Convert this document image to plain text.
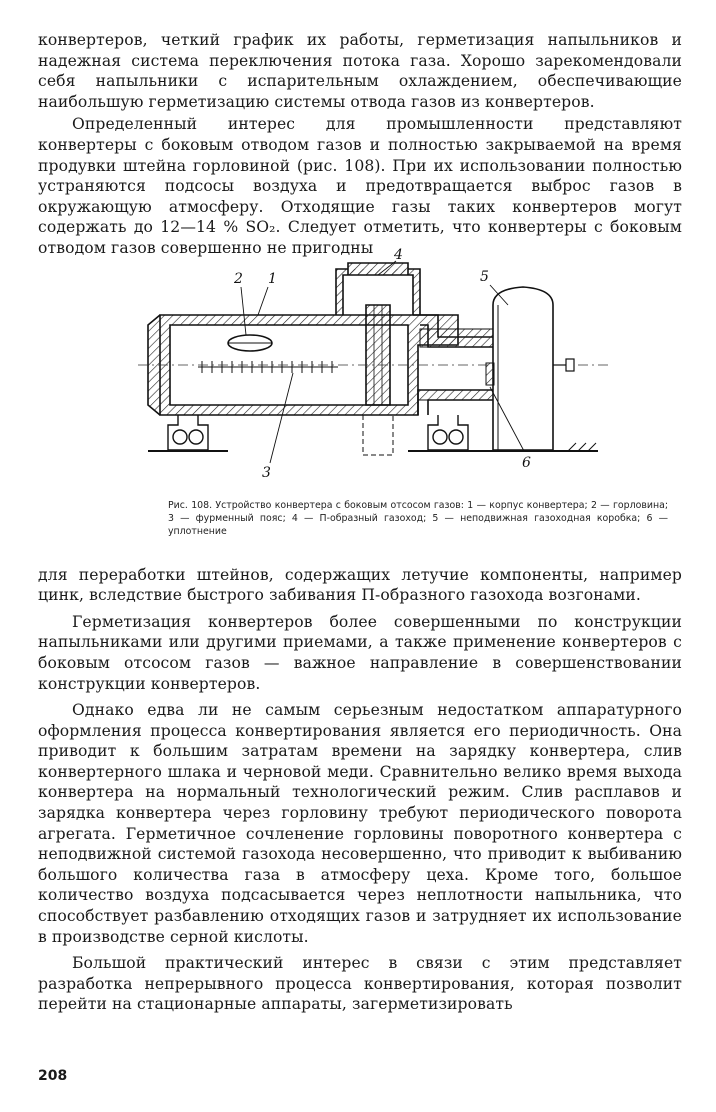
конвертеров, четкий график их работы, герметизация напыльников и надежная система переключения потока газа. Хорошо зарекомендовали себя напыльники с испарительным охлаждением, обеспечивающие наибольшую герметизацию системы отвода газов из конвертеров.

Определенный интерес для промышленности представляют конвертеры с боковым отводом газов и полностью закрываемой на время продувки штейна горловиной (рис. 108). При их использовании полностью устраняются подсосы воздуха и предотвращается выброс газов в окружающую атмосферу. Отходящие газы таких конвертеров могут содержать до 12—14 % SO₂. Следует отметить, что конвертеры с боковым отводом газов совершенно не пригодны

2 1
4
5
3
6
Рис. 108. Устройство конвертера с боковым отсосом газов: 1 — корпус конвертера; 2 — горловина; 3 — фурменный пояс; 4 — П-образный газоход; 5 — неподвижная газоходная коробка; 6 — уплотнение

для переработки штейнов, содержащих летучие компоненты, например цинк, вследствие быстрого забивания П-образного газохода возгонами.

Герметизация конвертеров более совершенными по конструкции напыльниками или другими приемами, а также применение конвертеров с боковым отсосом газов — важное направление в совершенствовании конструкции конвертеров.

Однако едва ли не самым серьезным недостатком аппаратурного оформления процесса конвертирования является его периодичность. Она приводит к большим затратам времени на зарядку конвертера, слив конвертерного шлака и черновой меди. Сравнительно велико время выхода конвертера на нормальный технологический режим. Слив расплавов и зарядка конвертера через горловину требуют периодического поворота агрегата. Герметичное сочленение горловины поворотного конвертера с неподвижной системой газохода несовершенно, что приводит к выбиванию большого количества газа в атмосферу цеха. Кроме того, большое количество воздуха подсасывается через неплотности напыльника, что способствует разбавлению отходящих газов и затрудняет их использование в производстве серной кислоты.

Большой практический интерес в связи с этим представляет разработка непрерывного процесса конвертирования, которая позволит перейти на стационарные аппараты, загерметизировать

208
